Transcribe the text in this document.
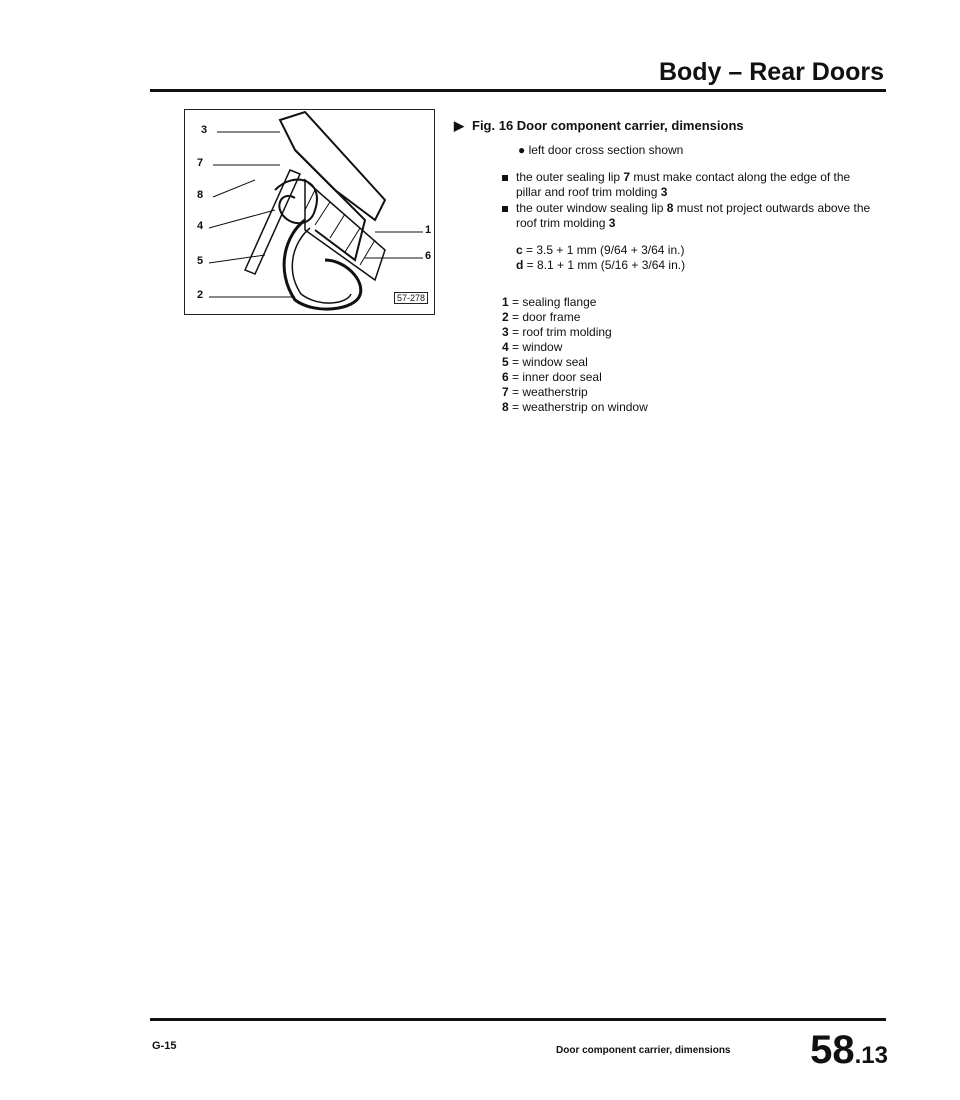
Body – Rear Doors
3
7
8
4
5
2
1
6
57-278
▶ Fig. 16 Door component carrier, dimensions
● left door cross section shown
the outer sealing lip 7 must make contact along the edge of the pillar and roof trim molding 3
the outer window sealing lip 8 must not project outwards above the roof trim molding 3
c = 3.5 + 1 mm (9/64 + 3/64 in.)
d = 8.1 + 1 mm (5/16 + 3/64 in.)
1 = sealing flange
2 = door frame
3 = roof trim molding
4 = window
5 = window seal
6 = inner door seal
7 = weatherstrip
8 = weatherstrip on window
G-15	Door component carrier, dimensions 58.13
